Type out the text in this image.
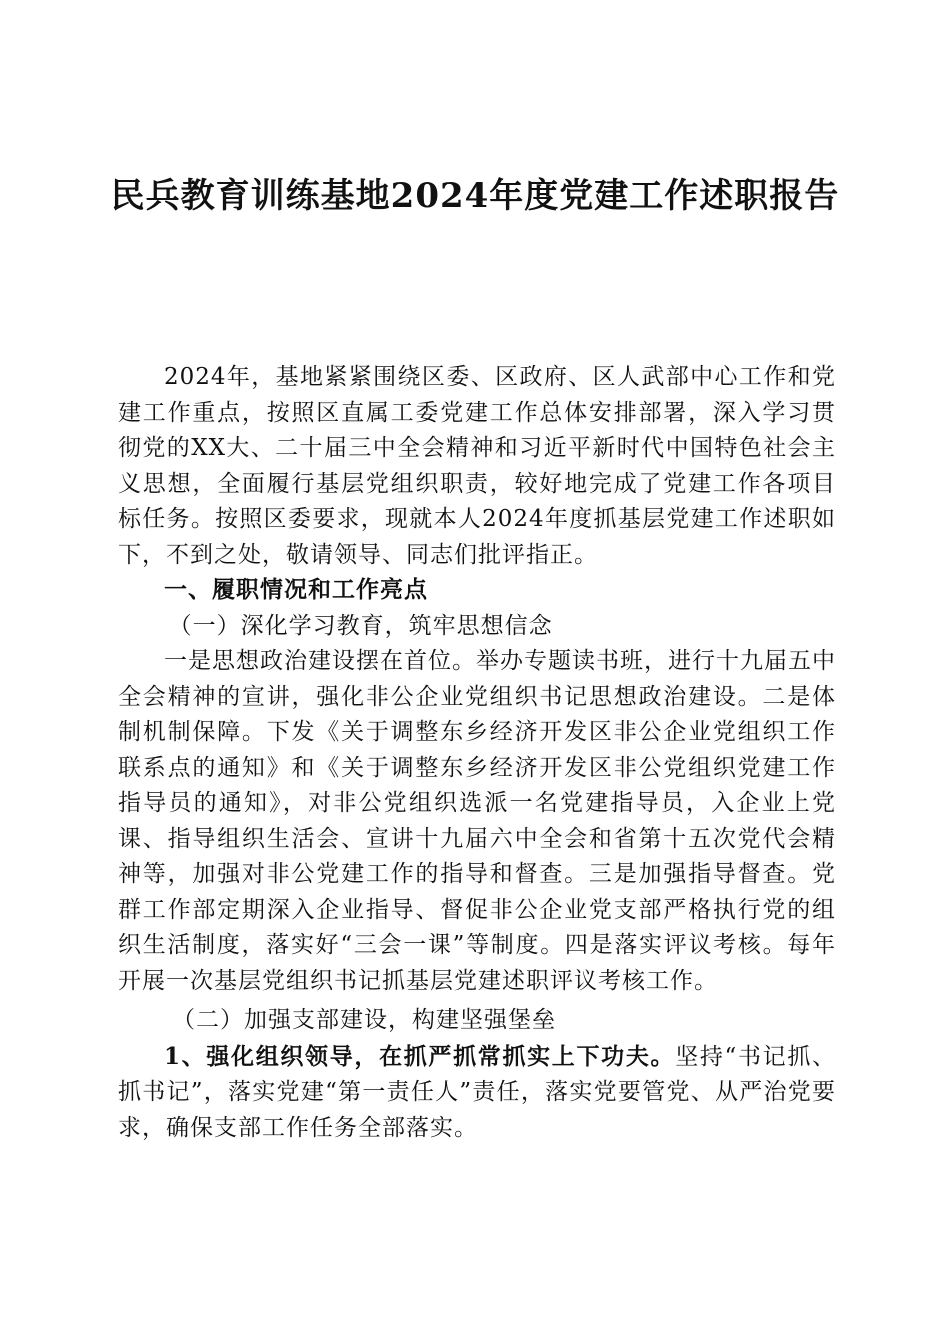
民兵教育训练基地2024年度党建工作述职报告

2024年，基地紧紧围绕区委、区政府、区人武部中心工作和党建工作重点，按照区直属工委党建工作总体安排部署，深入学习贯彻党的XX大、二十届三中全会精神和习近平新时代中国特色社会主义思想，全面履行基层党组织职责，较好地完成了党建工作各项目标任务。按照区委要求，现就本人2024年度抓基层党建工作述职如下，不到之处，敬请领导、同志们批评指正。

一、履职情况和工作亮点

（一）深化学习教育，筑牢思想信念

一是思想政治建设摆在首位。举办专题读书班，进行十九届五中全会精神的宣讲，强化非公企业党组织书记思想政治建设。二是体制机制保障。下发《关于调整东乡经济开发区非公企业党组织工作联系点的通知》和《关于调整东乡经济开发区非公党组织党建工作指导员的通知》，对非公党组织选派一名党建指导员，入企业上党课、指导组织生活会、宣讲十九届六中全会和省第十五次党代会精神等，加强对非公党建工作的指导和督查。三是加强指导督查。党群工作部定期深入企业指导、督促非公企业党支部严格执行党的组织生活制度，落实好“三会一课”等制度。四是落实评议考核。每年开展一次基层党组织书记抓基层党建述职评议考核工作。

（二）加强支部建设，构建坚强堡垒

1、强化组织领导，在抓严抓常抓实上下功夫。坚持“书记抓、抓书记”，落实党建“第一责任人”责任，落实党要管党、从严治党要求，确保支部工作任务全部落实。
